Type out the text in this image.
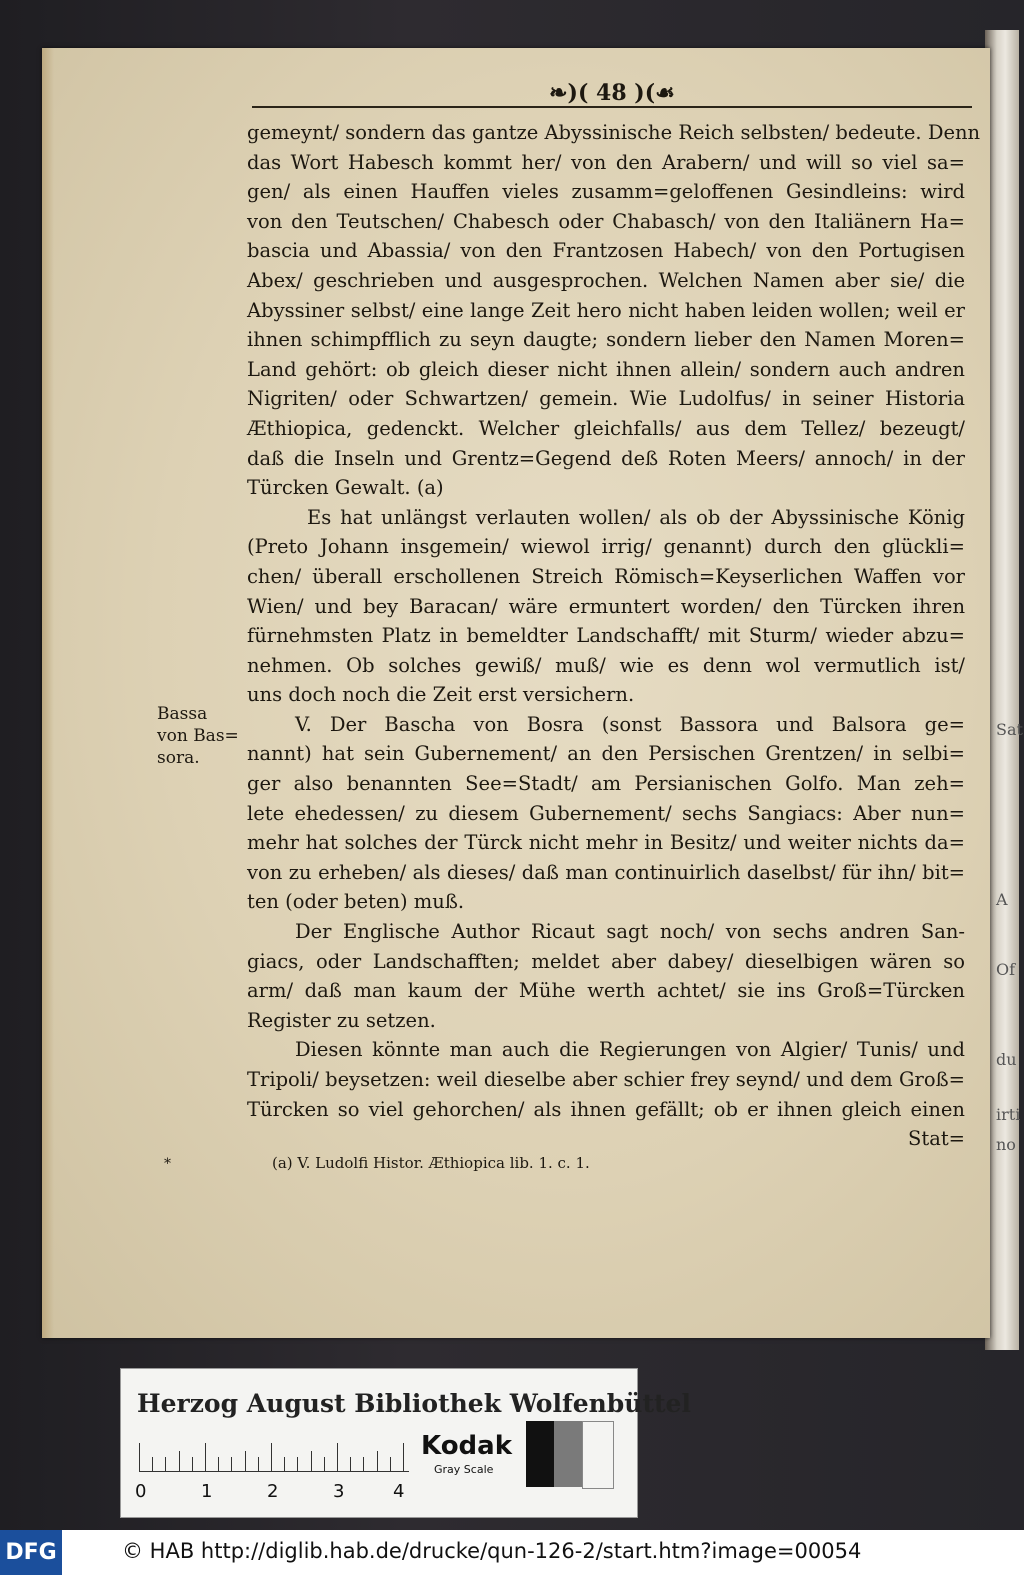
Sat
A
Of
du
irti
no
❧)( 48 )(☙
gemeynt/ sondern das gantze Abyssinische Reich selbsten/ bedeute. Denn
das Wort Habesch kommt her/ von den Arabern/ und will so viel sa=
gen/ als einen Hauffen vieles zusamm=geloffenen Gesindleins: wird
von den Teutschen/ Chabesch oder Chabasch/ von den Italiänern Ha=
bascia und Abassia/ von den Frantzosen Habech/ von den Portugisen
Abex/ geschrieben und ausgesprochen. Welchen Namen aber sie/ die
Abyssiner selbst/ eine lange Zeit hero nicht haben leiden wollen; weil er
ihnen schimpfflich zu seyn daugte; sondern lieber den Namen Moren=
Land gehört: ob gleich dieser nicht ihnen allein/ sondern auch andren
Nigriten/ oder Schwartzen/ gemein. Wie Ludolfus/ in seiner Historia
Æthiopica, gedenckt. Welcher gleichfalls/ aus dem Tellez/ bezeugt/
daß die Inseln und Grentz=Gegend deß Roten Meers/ annoch/ in der
Türcken Gewalt. (a)
Es hat unlängst verlauten wollen/ als ob der Abyssinische König
(Preto Johann insgemein/ wiewol irrig/ genannt) durch den glückli=
chen/ überall erschollenen Streich Römisch=Keyserlichen Waffen vor
Wien/ und bey Baracan/ wäre ermuntert worden/ den Türcken ihren
fürnehmsten Platz in bemeldter Landschafft/ mit Sturm/ wieder abzu=
nehmen. Ob solches gewiß/ muß/ wie es denn wol vermutlich ist/
uns doch noch die Zeit erst versichern.
V. Der Bascha von Bosra (sonst Bassora und Balsora ge=
nannt) hat sein Gubernement/ an den Persischen Grentzen/ in selbi=
ger also benannten See=Stadt/ am Persianischen Golfo. Man zeh=
lete ehedessen/ zu diesem Gubernement/ sechs Sangiacs: Aber nun=
mehr hat solches der Türck nicht mehr in Besitz/ und weiter nichts da=
von zu erheben/ als dieses/ daß man continuirlich daselbst/ für ihn/ bit=
ten (oder beten) muß.
Der Englische Author Ricaut sagt noch/ von sechs andren San-
giacs, oder Landschafften; meldet aber dabey/ dieselbigen wären so
arm/ daß man kaum der Mühe werth achtet/ sie ins Groß=Türcken
Register zu setzen.
Diesen könnte man auch die Regierungen von Algier/ Tunis/ und
Tripoli/ beysetzen: weil dieselbe aber schier frey seynd/ und dem Groß=
Türcken so viel gehorchen/ als ihnen gefällt; ob er ihnen gleich einen
Stat=
Bassa
von Bas=
sora.
*	(a) V. Ludolfi Histor. Æthiopica lib. 1. c. 1.
Herzog August Bibliothek Wolfenbüttel
0	1	2	3	4
Kodak
Gray Scale
DFG	© HAB http://diglib.hab.de/drucke/qun-126-2/start.htm?image=00054
